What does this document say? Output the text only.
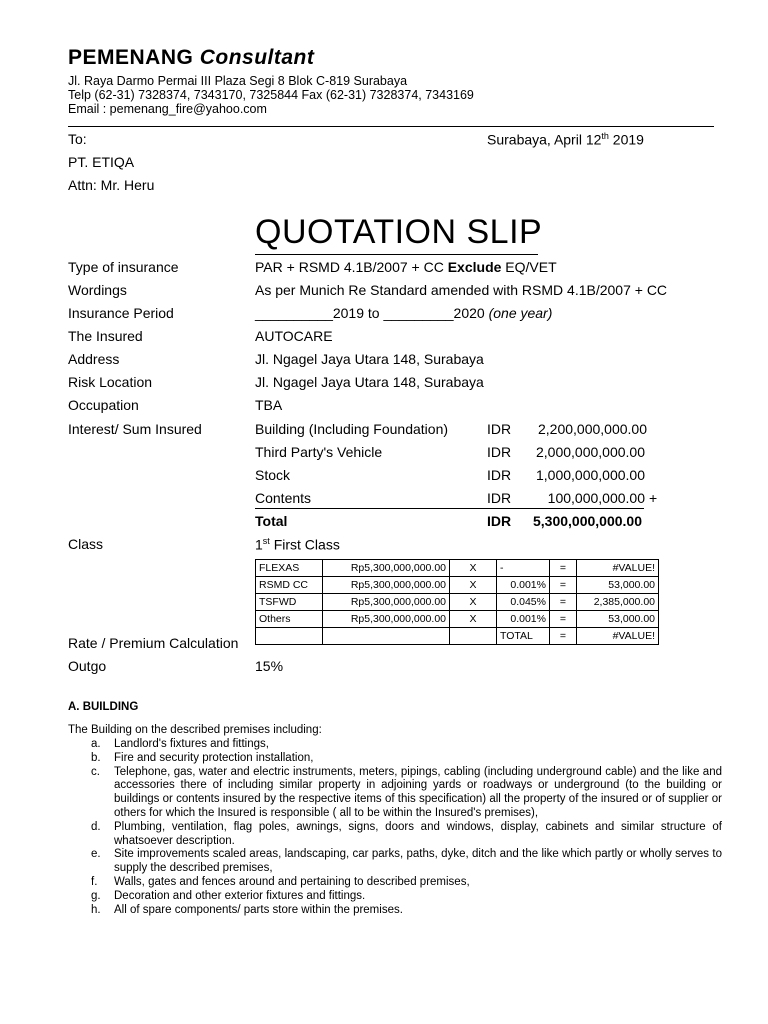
PEMENANG Consultant
Jl. Raya Darmo Permai III Plaza Segi 8 Blok C-819 Surabaya
Telp (62-31) 7328374, 7343170, 7325844 Fax (62-31) 7328374, 7343169
Email : pemenang_fire@yahoo.com
To:	Surabaya, April 12th 2019
PT. ETIQA
Attn: Mr. Heru
QUOTATION SLIP
Type of insurance	PAR + RSMD 4.1B/2007 + CC Exclude EQ/VET
Wordings	As per Munich Re Standard amended with RSMD 4.1B/2007 + CC
Insurance Period	__________2019 to _________2020 (one year)
The Insured	AUTOCARE
Address	Jl. Ngagel Jaya Utara 148, Surabaya
Risk Location	Jl. Ngagel Jaya Utara 148, Surabaya
Occupation	TBA
Interest/ Sum Insured	Building (Including Foundation)	IDR	2,200,000,000.00
Third Party's Vehicle	IDR	2,000,000,000.00
Stock	IDR	1,000,000,000.00
Contents	IDR	100,000,000.00 +
Total	IDR	5,300,000,000.00
Class	1st First Class
FLEXAS	Rp5,300,000,000.00	X	-	=	#VALUE!
RSMD CC	Rp5,300,000,000.00	X	0.001%	=	53,000.00
TSFWD	Rp5,300,000,000.00	X	0.045%	=	2,385,000.00
Others	Rp5,300,000,000.00	X	0.001%	=	53,000.00
			TOTAL	=	#VALUE!
Rate / Premium Calculation
Outgo	15%
A. BUILDING
The Building on the described premises including:
a. Landlord's fixtures and fittings,
b. Fire and security protection installation,
c. Telephone, gas, water and electric instruments, meters, pipings, cabling (including underground cable) and the like and accessories there of including similar property in adjoining yards or roadways or underground (to the building or buildings or contents insured by the respective items of this specification) all the property of the insured or of supplier or others for which the Insured is responsible ( all to be within the Insured's premises),
d. Plumbing, ventilation, flag poles, awnings, signs, doors and windows, display, cabinets and similar structure of whatsoever description.
e. Site improvements scaled areas, landscaping, car parks, paths, dyke, ditch and the like which partly or wholly serves to supply the described premises,
f. Walls, gates and fences around and pertaining to described premises,
g. Decoration and other exterior fixtures and fittings.
h. All of spare components/ parts store within the premises.
